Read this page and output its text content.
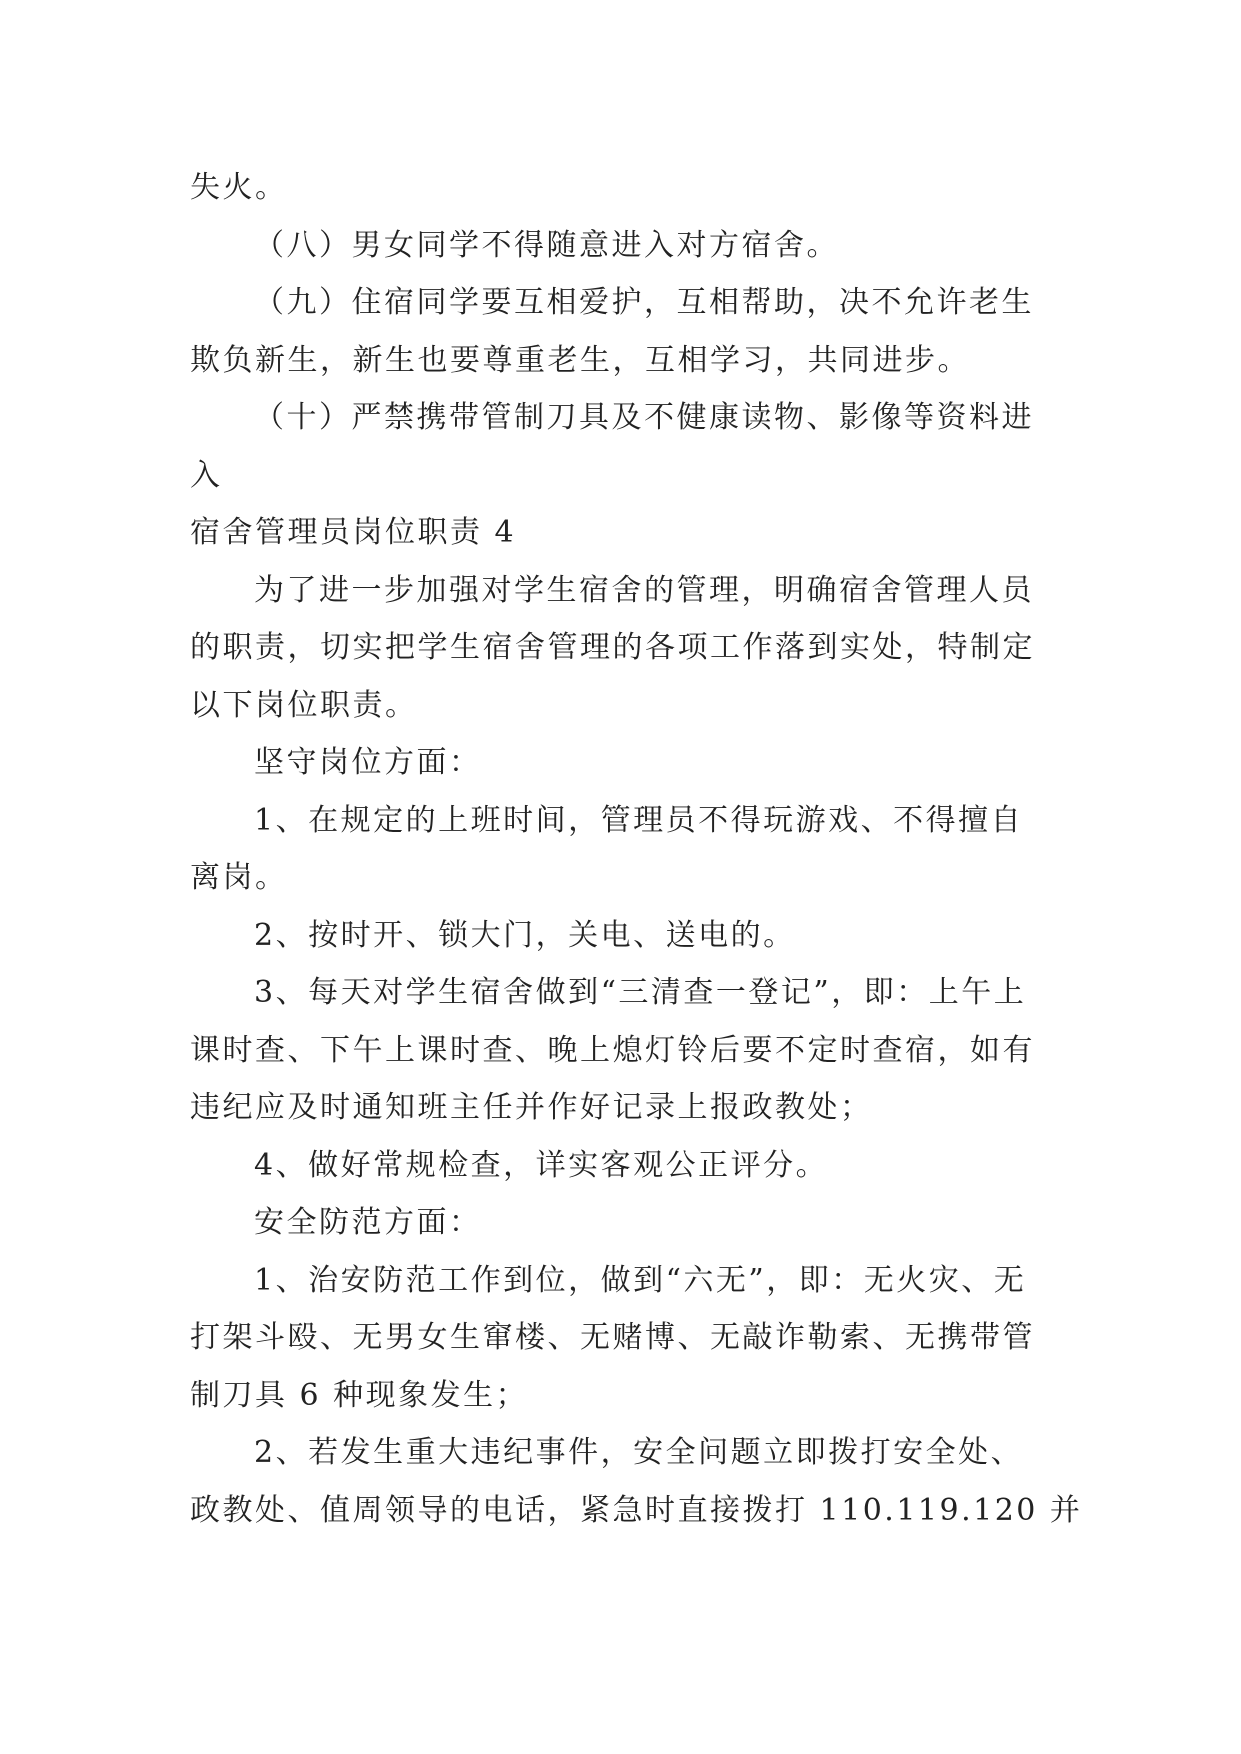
失火。
（八）男女同学不得随意进入对方宿舍。
（九）住宿同学要互相爱护，互相帮助，决不允许老生
欺负新生，新生也要尊重老生，互相学习，共同进步。
（十）严禁携带管制刀具及不健康读物、影像等资料进
入
宿舍管理员岗位职责 4
为了进一步加强对学生宿舍的管理，明确宿舍管理人员
的职责，切实把学生宿舍管理的各项工作落到实处，特制定
以下岗位职责。
坚守岗位方面：
1、在规定的上班时间，管理员不得玩游戏、不得擅自
离岗。
2、按时开、锁大门，关电、送电的。
3、每天对学生宿舍做到“三清查一登记”，即：上午上
课时查、下午上课时查、晚上熄灯铃后要不定时查宿，如有
违纪应及时通知班主任并作好记录上报政教处；
4、做好常规检查，详实客观公正评分。
安全防范方面：
1、治安防范工作到位，做到“六无”，即：无火灾、无
打架斗殴、无男女生窜楼、无赌博、无敲诈勒索、无携带管
制刀具 6 种现象发生；
2、若发生重大违纪事件，安全问题立即拨打安全处、
政教处、值周领导的电话，紧急时直接拨打 110.119.120 并
